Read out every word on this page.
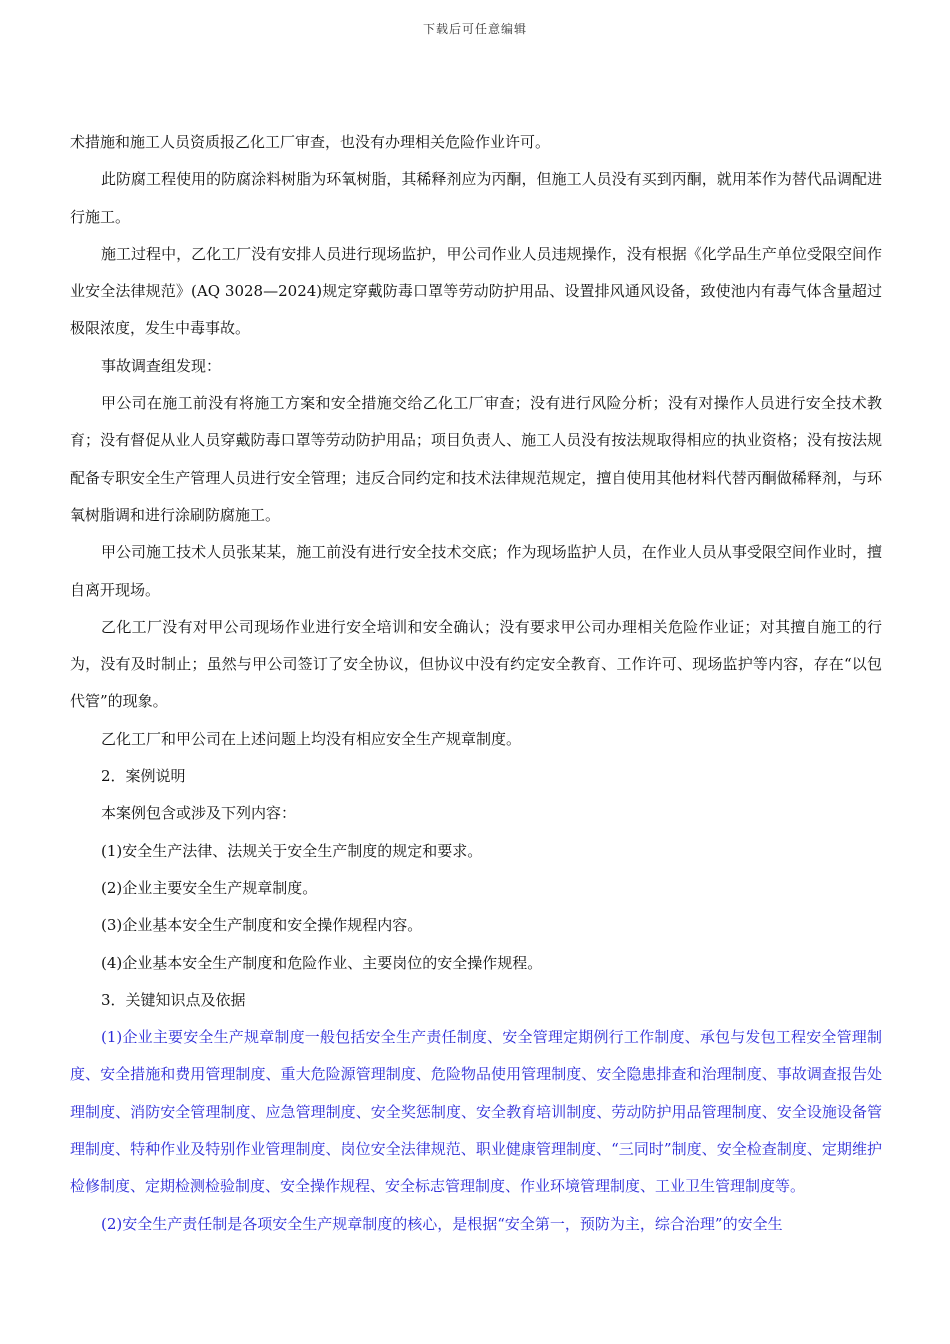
下载后可任意编辑

术措施和施工人员资质报乙化工厂审查，也没有办理相关危险作业许可。

此防腐工程使用的防腐涂料树脂为环氧树脂，其稀释剂应为丙酮，但施工人员没有买到丙酮，就用苯作为替代品调配进行施工。

施工过程中，乙化工厂没有安排人员进行现场监护，甲公司作业人员违规操作，没有根据《化学品生产单位受限空间作业安全法律规范》(AQ 3028—2024)规定穿戴防毒口罩等劳动防护用品、设置排风通风设备，致使池内有毒气体含量超过极限浓度，发生中毒事故。

事故调查组发现：

甲公司在施工前没有将施工方案和安全措施交给乙化工厂审查；没有进行风险分析；没有对操作人员进行安全技术教育；没有督促从业人员穿戴防毒口罩等劳动防护用品；项目负责人、施工人员没有按法规取得相应的执业资格；没有按法规配备专职安全生产管理人员进行安全管理；违反合同约定和技术法律规范规定，擅自使用其他材料代替丙酮做稀释剂，与环氧树脂调和进行涂刷防腐施工。

甲公司施工技术人员张某某，施工前没有进行安全技术交底；作为现场监护人员，在作业人员从事受限空间作业时，擅自离开现场。

乙化工厂没有对甲公司现场作业进行安全培训和安全确认；没有要求甲公司办理相关危险作业证；对其擅自施工的行为，没有及时制止；虽然与甲公司签订了安全协议，但协议中没有约定安全教育、工作许可、现场监护等内容，存在“以包代管”的现象。

乙化工厂和甲公司在上述问题上均没有相应安全生产规章制度。

2．案例说明

本案例包含或涉及下列内容：

(1)安全生产法律、法规关于安全生产制度的规定和要求。

(2)企业主要安全生产规章制度。

(3)企业基本安全生产制度和安全操作规程内容。

(4)企业基本安全生产制度和危险作业、主要岗位的安全操作规程。

3．关键知识点及依据

(1)企业主要安全生产规章制度一般包括安全生产责任制度、安全管理定期例行工作制度、承包与发包工程安全管理制度、安全措施和费用管理制度、重大危险源管理制度、危险物品使用管理制度、安全隐患排查和治理制度、事故调查报告处理制度、消防安全管理制度、应急管理制度、安全奖惩制度、安全教育培训制度、劳动防护用品管理制度、安全设施设备管理制度、特种作业及特别作业管理制度、岗位安全法律规范、职业健康管理制度、“三同时”制度、安全检查制度、定期维护检修制度、定期检测检验制度、安全操作规程、安全标志管理制度、作业环境管理制度、工业卫生管理制度等。

(2)安全生产责任制是各项安全生产规章制度的核心，是根据“安全第一，预防为主，综合治理”的安全生
